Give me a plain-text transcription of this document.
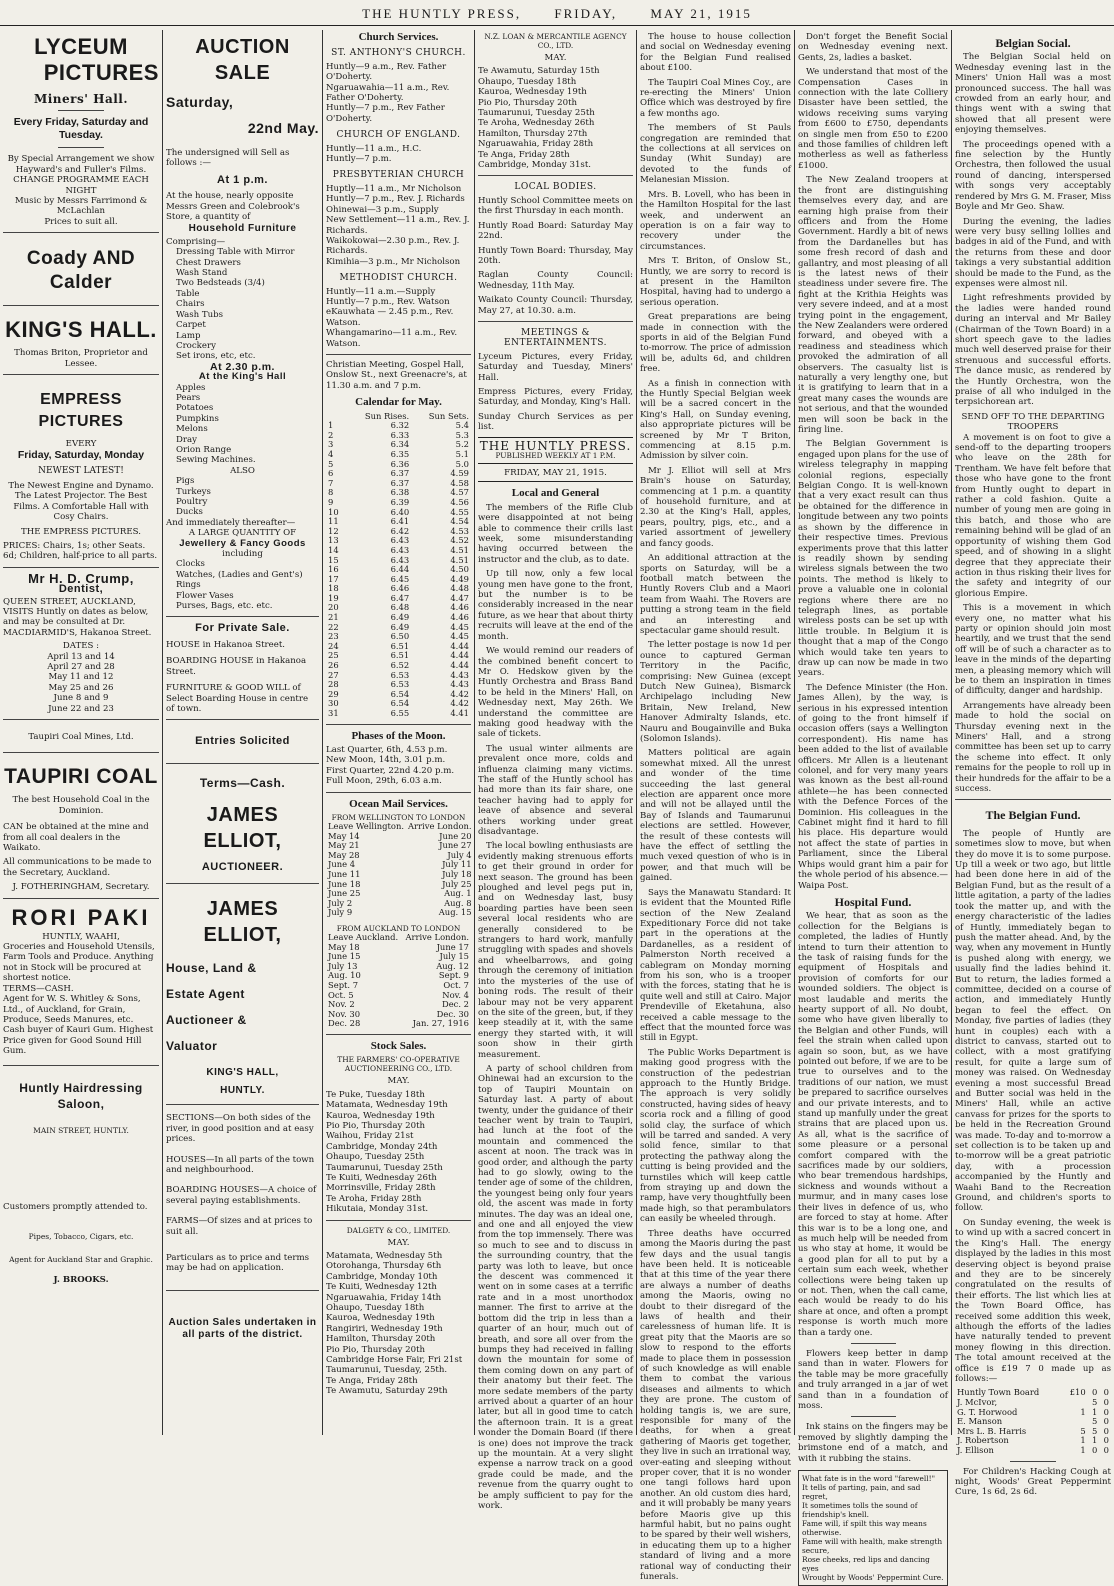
THE HUNTLY PRESS,	FRIDAY,	MAY 21, 1915
LYCEUM
PICTURES
Miners' Hall.
Every Friday, Saturday and Tuesday.
By Special Arrangement we show Hayward's and Fuller's Films.
CHANGE PROGRAMME EACH NIGHT
Music by Messrs Farrimond & McLachlan
Prices to suit all.
Coady AND Calder
KING'S HALL.
Thomas Briton, Proprietor and Lessee.
EMPRESS PICTURES
EVERY
Friday, Saturday, Monday
NEWEST LATEST!
The Newest Engine and Dynamo. The Latest Projector. The Best Films. A Comfortable Hall with Cosy Chairs.
THE EMPRESS PICTURES.
PRICES: Chairs, 1s; other Seats. 6d; Children, half-price to all parts.
Mr H. D. Crump,
Dentist,
QUEEN STREET, AUCKLAND, VISITS Huntly on dates as below, and may be consulted at Dr. MACDIARMID'S, Hakanoa Street.
DATES :
April 13 and 14
April 27 and 28
May 11 and 12
May 25 and 26
June 8 and 9
June 22 and 23
Taupiri Coal Mines, Ltd.
TAUPIRI COAL
The best Household Coal in the Dominion.
CAN be obtained at the mine and from all coal dealers in the Waikato.
All communications to be made to the Secretary, Auckland.
J. FOTHERINGHAM, Secretary.
RORI PAKI
HUNTLY, WAAHI,
Groceries and Household Utensils, Farm Tools and Produce. Anything not in Stock will be procured at shortest notice.
TERMS—CASH.
Agent for W. S. Whitley & Sons, Ltd., of Auckland, for Grain, Produce, Seeds Manures, etc.
Cash buyer of Kauri Gum. Highest Price given for Good Sound Hill Gum.
Huntly Hairdressing Saloon,
MAIN STREET, HUNTLY.
Customers promptly attended to.
Pipes, Tobacco, Cigars, etc.
Agent for Auckland Star and Graphic.
J. BROOKS.
AUCTION SALE
Saturday,
22nd May.
The undersigned will Sell as follows :—
At 1 p.m.
At the house, nearly opposite Messrs Green and Colebrook's Store, a quantity of
Household Furniture
Comprising—
Dressing Table with Mirror
Chest Drawers
Wash Stand
Two Bedsteads (3/4)
Table
Chairs
Wash Tubs
Carpet
Lamp
Crockery
Set irons, etc, etc.
At 2.30 p.m.
At the King's Hall
Apples
Pears
Potatoes
Pumpkins
Melons
Dray
Orion Range
Sewing Machines.
ALSO
Pigs
Turkeys
Poultry
Ducks
And immediately thereafter—
A LARGE QUANTITY OF
Jewellery & Fancy Goods
including
Clocks
Watches, (Ladies and Gent's)
Rings
Flower Vases
Purses, Bags, etc. etc.
For Private Sale.
HOUSE in Hakanoa Street.
BOARDING HOUSE in Hakanoa Street.
FURNITURE & GOOD WILL of Select Boarding House in centre of town.
Entries Solicited
Terms—Cash.
JAMES ELLIOT,
AUCTIONEER.
JAMES ELLIOT,
House, Land &
Estate Agent
Auctioneer &
Valuator
KING'S HALL,
HUNTLY.
SECTIONS—On both sides of the river, in good position and at easy prices.
HOUSES—In all parts of the town and neighbourhood.
BOARDING HOUSES—A choice of several paying establishments.
FARMS—Of sizes and at prices to suit all.
Particulars as to price and terms may be had on application.
Auction Sales undertaken in all parts of the district.
Church Services.
ST. ANTHONY'S CHURCH.
Huntly—9 a.m., Rev. Father O'Doherty.
Ngaruawahia—11 a.m., Rev. Father O'Doherty.
Huntly—7 p.m., Rev Father O'Doherty.
CHURCH OF ENGLAND.
Huntly—11 a.m., H.C.
Huntly—7 p.m.
PRESBYTERIAN CHURCH
Huptly—11 a.m., Mr Nicholson
Huntly—7 p.m., Rev. J. Richards
Ohinewai—3 p.m., Supply
New Settlement—11 a.m., Rev. J. Richards.
Waikokowai—2.30 p.m., Rev. J. Richards.
Kimihia—3 p.m., Mr Nicholson
METHODIST CHURCH.
Huntly—11 a.m.—Supply
Huntly—7 p.m., Rev. Watson
eKauwhata — 2.45 p.m., Rev. Watson.
Whangamarino—11 a.m., Rev. Watson.
Christian Meeting, Gospel Hall, Onslow St., next Greenacre's, at 11.30 a.m. and 7 p.m.
Calendar for May.
	Sun Rises.	Sun Sets.
1	6.32	5.4
2	6.33	5.3
3	6.34	5.2
4	6.35	5.1
5	6.36	5.0
6	6.37	4.59
7	6.37	4.58
8	6.38	4.57
9	6.39	4.56
10	6.40	4.55
11	6.41	4.54
12	6.42	4.53
13	6.43	4.52
14	6.43	4.51
15	6.43	4.51
16	6.44	4.50
17	6.45	4.49
18	6.46	4.48
19	6.47	4.47
20	6.48	4.46
21	6.49	4.46
22	6.49	4.45
23	6.50	4.45
24	6.51	4.44
25	6.51	4.44
26	6.52	4.44
27	6.53	4.43
28	6.53	4.43
29	6.54	4.42
30	6.54	4.42
31	6.55	4.41
Phases of the Moon.
Last Quarter, 6th, 4.53 p.m.
New Moon, 14th, 3.01 p.m.
First Quarter, 22nd 4.20 p.m.
Full Moon, 29th, 6.03 a.m.
Ocean Mail Services.
FROM WELLINGTON TO LONDON
Leave Wellington.	Arrive London.
May 14	June 20
May 21	June 27
May 28	July 4
June 4	July 11
June 11	July 18
June 18	July 25
June 25	Aug. 1
July 2	Aug. 8
July 9	Aug. 15
FROM AUCKLAND TO LONDON
Leave Auckland.	Arrive London.
May 18	June 17
June 15	July 15
July 13	Aug. 12
Aug. 10	Sept. 9
Sept. 7	Oct. 7
Oct. 5	Nov. 4
Nov. 2	Dec. 2
Nov. 30	Dec. 30
Dec. 28	Jan. 27, 1916
Stock Sales.
THE FARMERS' CO-OPERATIVE AUCTIONEERING CO., LTD.
MAY.
Te Puke, Tuesday 18th
Matamata, Wednesday 19th
Kauroa, Wednesday 19th
Pio Pio, Thursday 20th
Waihou, Friday 21st
Cambridge, Monday 24th
Ohaupo, Tuesday 25th
Taumarunui, Tuesday 25th
Te Kuiti, Wednesday 26th
Morrinsville, Friday 28th
Te Aroha, Friday 28th
Hikutaia, Monday 31st.
DALGETY & CO., LIMITED.
MAY.
Matamata, Wednesday 5th
Otorohanga, Thursday 6th
Cambridge, Monday 10th
Te Kuiti, Wednesday 12th
Ngaruawahia, Friday 14th
Ohaupo, Tuesday 18th
Kauroa, Wednesday 19th
Rangiriri, Wednesday 19th
Hamilton, Thursday 20th
Pio Pio, Thursday 20th
Cambridge Horse Fair, Fri 21st
Taumarunui, Tuesday, 25th.
Te Anga, Friday 28th
Te Awamutu, Saturday 29th
N.Z. LOAN & MERCANTILE AGENCY CO., LTD.
MAY.
Te Awamutu, Saturday 15th
Ohaupo, Tuesday 18th
Kauroa, Wednesday 19th
Pio Pio, Thursday 20th
Taumarunui, Tuesday 25th
Te Aroha, Wednesday 26th
Hamilton, Thursday 27th
Ngaruawahia, Friday 28th
Te Anga, Friday 28th
Cambridge, Monday 31st.
LOCAL BODIES.

Huntly School Committee meets on the first Thursday in each month.

Huntly Road Board: Saturday May 22nd.

Huntly Town Board: Thursday, May 20th.

Raglan County Council: Wednesday, 11th May.

Waikato County Council: Thursday, May 27, at 10.30. a.m.

MEETINGS & ENTERTAINMENTS.

Lyceum Pictures, every Friday, Saturday and Tuesday, Miners' Hall.

Empress Pictures, every Friday, Saturday, and Monday, King's Hall.

Sunday Church Services as per list.

THE HUNTLY PRESS.
PUBLISHED WEEKLY AT 1 P.M.
FRIDAY, MAY 21, 1915.
Local and General

The members of the Rifle Club were disappointed at not being able to commence their crills last week, some misunderstanding having occurred between the instructor and the club, as to date.

Up till now, only a few local young men have gone to the front, but the number is to be considerably increased in the near future, as we hear that about thirty recruits will leave at the end of the month.

We would remind our readers of the combined benefit concert to Mr O. Hedskow given by the Huntly Orchestra and Brass Band to be held in the Miners' Hall, on Wednesday next, May 26th. We understand the committee are making good headway with the sale of tickets.

The usual winter ailments are prevalent once more, colds and influenza claiming many victims. The staff of the Huntly school has had more than its fair share, one teacher having had to apply for leave of absence and several others working under great disadvantage.

The local bowling enthusiasts are evidently making strenuous efforts to get their ground in order for next season. The ground has been ploughed and level pegs put in, and on Wednesday last, busy boarding parties have been seen several local residents who are generally considered to be strangers to hard work, manfully struggling with spades and shovels and wheelbarrows, and going through the ceremony of initiation into the mysteries of the use of boning rods. The result of their labour may not be very apparent on the site of the green, but, if they keep steadily at it, with the same energy they started with, it will soon show in their girth measurement.

A party of school children from Ohinewai had an excursion to the top of Taupiri Mountain on Saturday last. A party of about twenty, under the guidance of their teacher went by train to Taupiri, had lunch at the foot of the mountain and commenced the ascent at noon. The track was in good order, and although the party had to go slowly, owing to the tender age of some of the children, the youngest being only four years old, the ascent was made in forty minutes. The day was an ideal one, and one and all enjoyed the view from the top immensely. There was so much to see and to discuss in the surrounding country, that the party was loth to leave, but once the descent was commenced it went on in some cases at a terrific rate and in a most unorthodox manner. The first to arrive at the bottom did the trip in less than a quarter of an hour, much out of breath, and sore all over from the bumps they had received in falling down the mountain for some of them coming down on any part of their anatomy but their feet. The more sedate members of the party arrived about a quarter of an hour later, but all in good time to catch the afternoon train. It is a great wonder the Domain Board (if there is one) does not improve the track up the mountain. At a very slight expense a narrow track on a good grade could be made, and the revenue from the quarry ought to be amply sufficient to pay for the work.

The house to house collection and social on Wednesday evening for the Belgian Fund realised about £100.

The Taupiri Coal Mines Coy., are re-erecting the Miners' Union Office which was destroyed by fire a few months ago.

The members of St Pauls congregation are reminded that the collections at all services on Sunday (Whit Sunday) are devoted to the funds of Melanesian Mission.

Mrs. B. Lovell, who has been in the Hamilton Hospital for the last week, and underwent an operation is on a fair way to recovery under the circumstances.

Mrs T. Briton, of Onslow St., Huntly, we are sorry to record is at present in the Hamilton Hospital, having had to undergo a serious operation.

Great preparations are being made in connection with the sports in aid of the Belgian Fund to-morrow. The price of admission will be, adults 6d, and children free.

As a finish in connection with the Huntly Special Belgian week will be a sacred concert in the King's Hall, on Sunday evening, also appropriate pictures will be screened by Mr T Briton, commencing at 8.15 p.m. Admission by silver coin.

Mr J. Elliot will sell at Mrs Brain's house on Saturday, commencing at 1 p.m. a quantity of household furniture, and at 2.30 at the King's Hall, apples, pears, poultry, pigs, etc., and a varied assortment of jewellery and fancy goods.

An additional attraction at the sports on Saturday, will be a football match between the Huntly Rovers Club and a Maori team from Waahi. The Rovers are putting a strong team in the field and an interesting and spectacular game should result.

The letter postage is now 1d per ounce to captured German Territory in the Pacific, comprising: New Guinea (except Dutch New Guinea), Bismarck Archipelago including New Britain, New Ireland, New Hanover Admiralty Islands, etc. Nauru and Bougainville and Buka (Solomon Islands).

Matters political are again somewhat mixed. All the unrest and wonder of the time succeeding the last general election are apparent once more and will not be allayed until the Bay of Islands and Taumarunui elections are settled. However, the result of these contests will have the effect of settling the much vexed question of who is in power, and that much will be gained.

Says the Manawatu Standard: It is evident that the Mounted Rifle section of the New Zealand Expeditionary Force did not take part in the operations at the Dardanelles, as a resident of Palmerston North received a cablegram on Monday morning from his son, who is a trooper with the forces, stating that he is quite well and still at Cairo. Major Prendeville of Eketahuna, also received a cable message to the effect that the mounted force was still in Egypt.

The Public Works Department is making good progress with the construction of the pedestrian approach to the Huntly Bridge. The approach is very solidly constructed, having sides of heavy scoria rock and a filling of good solid clay, the surface of which will be tarred and sanded. A very solid fence, similar to that protecting the pathway along the cutting is being provided and the turnstiles which will keep cattle from straying up and down the ramp, have very thoughtfully been made high, so that perambulators can easily be wheeled through.

Three deaths have occurred among the Maoris during the past few days and the usual tangis have been held. It is noticeable that at this time of the year there are always a number of deaths among the Maoris, owing no doubt to their disregard of the laws of health and their carelessness of human life. It is great pity that the Maoris are so slow to respond to the efforts made to place them in possession of such knowledge as will enable them to combat the various diseases and ailments to which they are prone. The custom of holding tangis is, we are sure, responsible for many of the deaths, for when a great gathering of Maoris get together, they live in such an irrational way, over-eating and sleeping without proper cover, that it is no wonder one tangi follows hard upon another. An old custom dies hard, and it will probably be many years before Maoris give up this harmful habit, but no pains ought to be spared by their well wishers, in educating them up to a higher standard of living and a more rational way of conducting their funerals.

Don't forget the Benefit Social on Wednesday evening next. Gents, 2s, ladies a basket.

We understand that most of the Compensation Cases in connection with the late Colliery Disaster have been settled, the widows receiving sums varying from £600 to £750, dependants on single men from £50 to £200 and those families of children left motherless as well as fatherless £1000.

The New Zealand troopers at the front are distinguishing themselves every day, and are earning high praise from their officers and from the Home Government. Hardly a bit of news from the Dardanelles but has some fresh record of dash and gallantry, and most pleasing of all is the latest news of their steadiness under severe fire. The fight at the Krithia Heights was very severe indeed, and at a most trying point in the engagement, the New Zealanders were ordered forward, and obeyed with a readiness and steadiness which provoked the admiration of all observers. The casualty list is naturally a very lengthy one, but it is gratifying to learn that in a great many cases the wounds are not serious, and that the wounded men will soon be back in the firing line.

The Belgian Government is engaged upon plans for the use of wireless telegraphy in mapping colonial regions, especially Belgian Congo. It is well-known that a very exact result can thus be obtained for the difference in longitude between any two points as shown by the difference in their respective times. Previous experiments prove that this latter is readily shown by sending wireless signals between the two points. The method is likely to prove a valuable one in colonial regions where there are no telegraph lines, as portable wireless posts can be set up with little trouble. In Belgium it is thought that a map of the Congo which would take ten years to draw up can now be made in two years.

The Defence Minister (the Hon. James Allen), by the way, is serious in his expressed intention of going to the front himself if occasion offers (says a Wellington correspondent). His name has been added to the list of available officers. Mr Allen is a lieutenant colonel, and for very many years was known as the best all-round athlete—he has been connected with the Defence Forces of the Dominion. His colleagues in the Cabinet might find it hard to fill his place. His departure would not affect the state of parties in Parliament, since the Liberal Whips would grant him a pair for the whole period of his absence.—Waipa Post.

Hospital Fund.

We hear, that as soon as the collection for the Belgians is completed, the ladies of Huntly intend to turn their attention to the task of raising funds for the equipment of Hospitals and provision of comforts for our wounded soldiers. The object is most laudable and merits the hearty support of all. No doubt, some who have given liberally to the Belgian and other Funds, will feel the strain when called upon again so soon, but, as we have pointed out before, if we are to be true to ourselves and to the traditions of our nation, we must be prepared to sacrifice ourselves and our private interests, and to stand up manfully under the great strains that are placed upon us. As all, what is the sacrifice of some pleasure or a personal comfort compared with the sacrifices made by our soldiers, who bear tremendous hardships, sickness and wounds without a murmur, and in many cases lose their lives in defence of us, who are forced to stay at home. After this war is to be a long one, and as much help will be needed from us who stay at home, it would be a good plan for all to put by a certain sum each week, whether collections were being taken up or not. Then, when the call came, each would be ready to do his share at once, and often a prompt response is worth much more than a tardy one.

Flowers keep better in damp sand than in water. Flowers for the table may be more gracefully and truly arranged in a jar of wet sand than in a foundation of moss.

Ink stains on the fingers may be removed by slightly damping the brimstone end of a match, and with it rubbing the stains.

What fate is in the word "farewell!"
It tells of parting, pain, and sad regret,
It sometimes tolls the sound of friendship's knell.
Fame will, if spilt this way means otherwise.
Fame will with health, make strength secure,
Rose cheeks, red lips and dancing eyes
Wrought by Woods' Peppermint Cure.
Belgian Social.

The Belgian Social held on Wednesday evening last in the Miners' Union Hall was a most pronounced success. The hall was crowded from an early hour, and things went with a swing that showed that all present were enjoying themselves.

The proceedings opened with a fine selection by the Huntly Orchestra, then followed the usual round of dancing, interspersed with songs very acceptably rendered by Mrs G. M. Fraser, Miss Boyle and Mr Geo. Shaw.

During the evening, the ladies were very busy selling lollies and badges in aid of the Fund, and with the returns from these and door takings a very substantial addition should be made to the Fund, as the expenses were almost nil.

Light refreshments provided by the ladies were handed round during an interval and Mr Bailey (Chairman of the Town Board) in a short speech gave to the ladies much well deserved praise for their strenuous and successful efforts. The dance music, as rendered by the Huntly Orchestra, won the praise of all who indulged in the terpsichorean art.

SEND OFF TO THE DEPARTING TROOPERS

A movement is on foot to give a send-off to the departing troopers who leave on the 28th for Trentham. We have felt before that those who have gone to the front from Huntly ought to depart in rather a cold fashion. Quite a number of young men are going in this batch, and those who are remaining behind will be glad of an opportunity of wishing them God speed, and of showing in a slight degree that they appreciate their action in thus risking their lives for the safety and integrity of our glorious Empire.

This is a movement in which every one, no matter what his party or opinion should join most heartily, and we trust that the send off will be of such a character as to leave in the minds of the departing men, a pleasing memory which will be to them an inspiration in times of difficulty, danger and hardship.

Arrangements have already been made to hold the social on Thursday evening next in the Miners' Hall, and a strong committee has been set up to carry the scheme into effect. It only remains for the people to roll up in their hundreds for the affair to be a success.

The Belgian Fund.

The people of Huntly are sometimes slow to move, but when they do move it is to some purpose. Up till a week or two ago, but little had been done here in aid of the Belgian Fund, but as the result of a little agitation, a party of the ladies took the matter up, and with the energy characteristic of the ladies of Huntly, immediately began to push the matter ahead. And, by the way, when any movement in Huntly is pushed along with energy, we usually find the ladies behind it. But to return, the ladies formed a committee, decided on a course of action, and immediately Huntly began to feel the effect. On Monday, five parties of ladies (they hunt in couples) each with a district to canvass, started out to collect, with a most gratifying result, for quite a large sum of money was raised. On Wednesday evening a most successful Bread and Butter social was held in the Miners' Hall, while an active canvass for prizes for the sports to be held in the Recreation Ground was made. To-day and to-morrow a set collection is to be taken up and to-morrow will be a great patriotic day, with a procession accompanied by the Huntly and Waahi Band to the Recreation Ground, and children's sports to follow.

On Sunday evening, the week is to wind up with a sacred concert in the King's Hall. The energy displayed by the ladies in this most deserving object is beyond praise and they are to be sincerely congratulated on the results of their efforts. The list which lies at the Town Board Office, has received some addition this week, although the efforts of the ladies have naturally tended to prevent money flowing in this direction. The total amount received at the office is £19 7 0 made up as follows:—

Huntly Town Board	£10	0	0
J. McIvor,		5	0
G. T. Horwood	1	1	0
E. Manson		5	0
Mrs L. B. Harris	5	5	0
J. Robertson	1	1	0
J. Ellison	1	0	0

For Children's Hacking Cough at night, Woods' Great Peppermint Cure, 1s 6d, 2s 6d.
